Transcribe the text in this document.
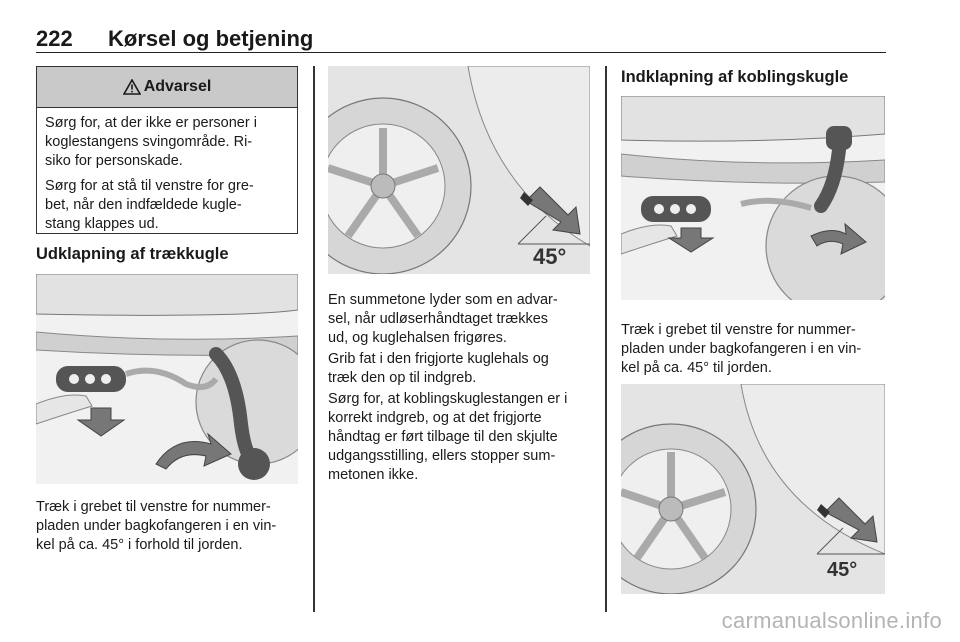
222 Kørsel og betjening
Advarsel

Sørg for, at der ikke er personer i
koglestangens svingområde. Ri-
siko for personskade.

Sørg for at stå til venstre for gre-
bet, når den indfældede kugle-
stang klappes ud.

Udklapning af trækkugle

Træk i grebet til venstre for nummer-
pladen under bagkofangeren i en vin-
kel på ca. 45° i forhold til jorden.

45°

En summetone lyder som en advar-
sel, når udløserhåndtaget trækkes
ud, og kuglehalsen frigøres.

Grib fat i den frigjorte kuglehals og
træk den op til indgreb.

Sørg for, at koblingskuglestangen er i
korrekt indgreb, og at det frigjorte
håndtag er ført tilbage til den skjulte
udgangsstilling, ellers stopper sum-
metonen ikke.

Indklapning af koblingskugle

Træk i grebet til venstre for nummer-
pladen under bagkofangeren i en vin-
kel på ca. 45° til jorden.

45°
carmanualsonline.info
